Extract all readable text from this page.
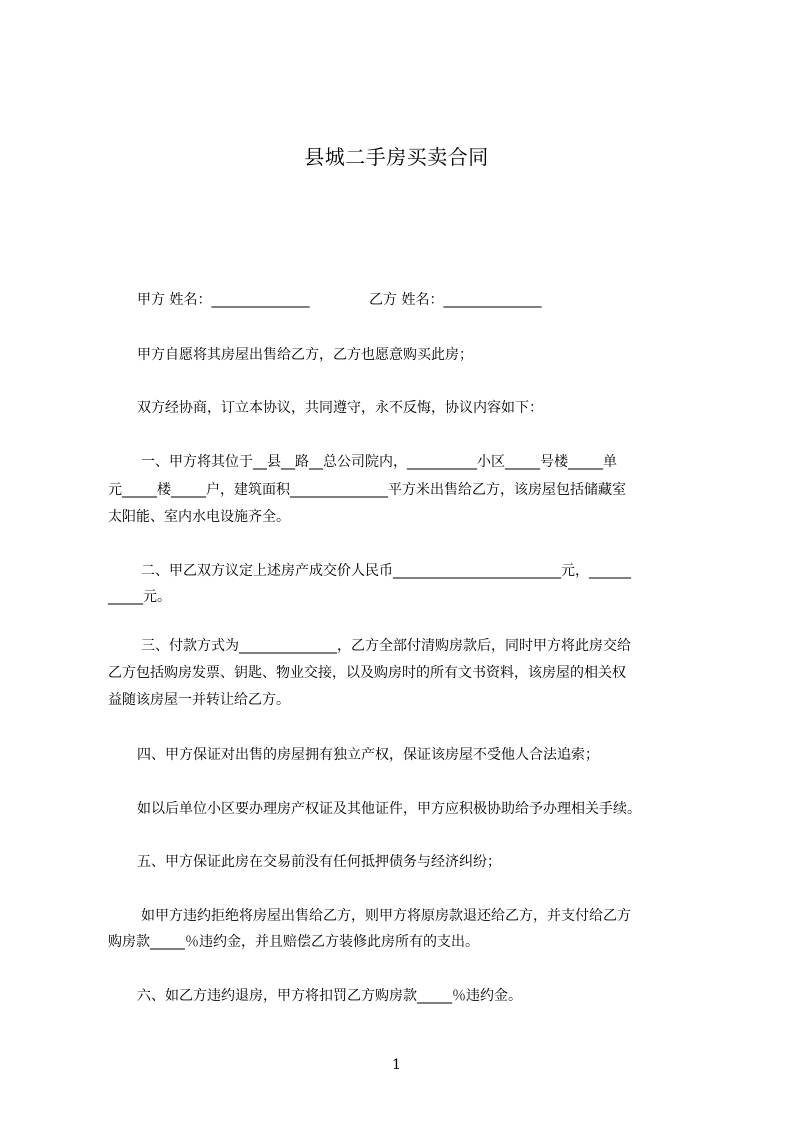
县城二手房买卖合同
甲方 姓名：______________	乙方 姓名：______________
甲方自愿将其房屋出售给乙方，乙方也愿意购买此房；
双方经协商，订立本协议，共同遵守，永不反悔，协议内容如下：
一、甲方将其位于__县__路__总公司院内，__________小区_____号楼_____单
元_____楼_____户，建筑面积______________平方米出售给乙方，该房屋包括储藏室
太阳能、室内水电设施齐全。
二、甲乙双方议定上述房产成交价人民币________________________元，______
_____元。
三、付款方式为______________，乙方全部付清购房款后，同时甲方将此房交给
乙方包括购房发票、钥匙、物业交接，以及购房时的所有文书资料，该房屋的相关权
益随该房屋一并转让给乙方。
四、甲方保证对出售的房屋拥有独立产权，保证该房屋不受他人合法追索；
如以后单位小区要办理房产权证及其他证件，甲方应积极协助给予办理相关手续。
五、甲方保证此房在交易前没有任何抵押债务与经济纠纷；
如甲方违约拒绝将房屋出售给乙方，则甲方将原房款退还给乙方，并支付给乙方
购房款_____％违约金，并且赔偿乙方装修此房所有的支出。
六、如乙方违约退房，甲方将扣罚乙方购房款_____％违约金。
1
